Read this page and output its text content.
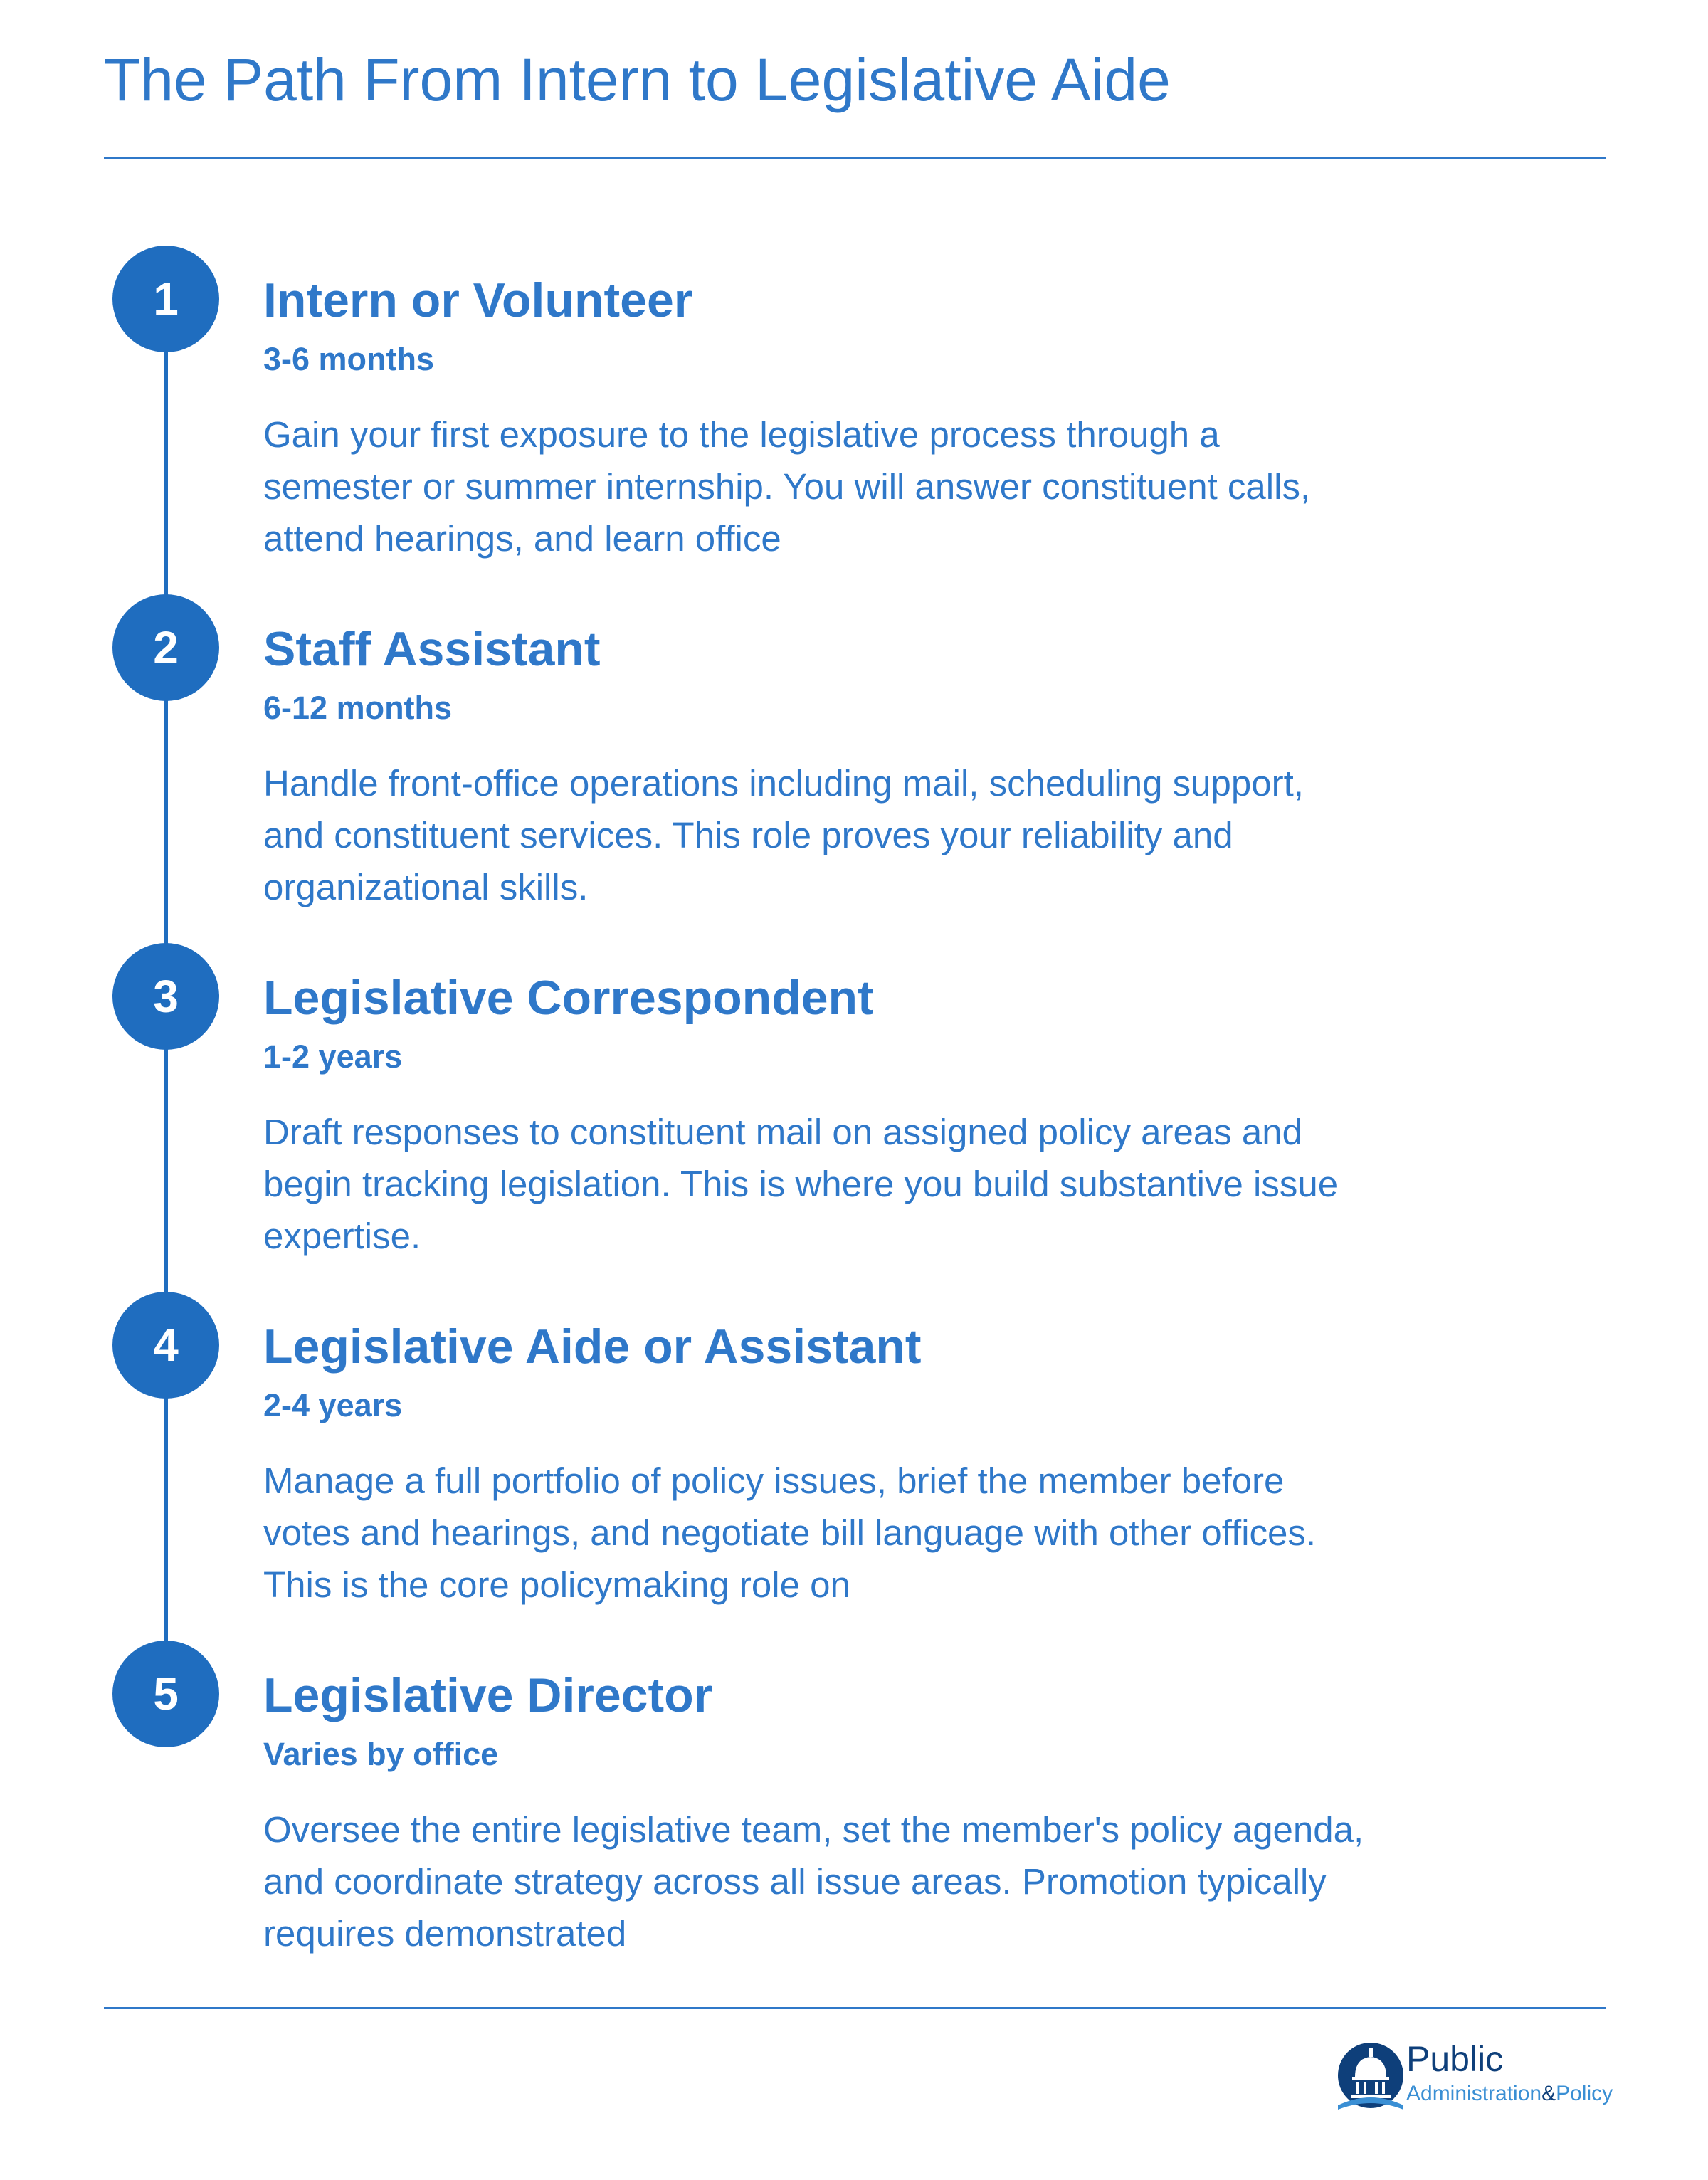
The Path From Intern to Legislative Aide
1	Intern or Volunteer
3-6 months

Gain your first exposure to the legislative process through a semester or summer internship. You will answer constituent calls, attend hearings, and learn office

2	Staff Assistant
6-12 months

Handle front-office operations including mail, scheduling support, and constituent services. This role proves your reliability and organizational skills.

3	Legislative Correspondent
1-2 years

Draft responses to constituent mail on assigned policy areas and begin tracking legislation. This is where you build substantive issue expertise.

4	Legislative Aide or Assistant
2-4 years

Manage a full portfolio of policy issues, brief the member before votes and hearings, and negotiate bill language with other offices. This is the core policymaking role on

5	Legislative Director
Varies by office

Oversee the entire legislative team, set the member's policy agenda, and coordinate strategy across all issue areas. Promotion typically requires demonstrated

Public
Administration&Policy
